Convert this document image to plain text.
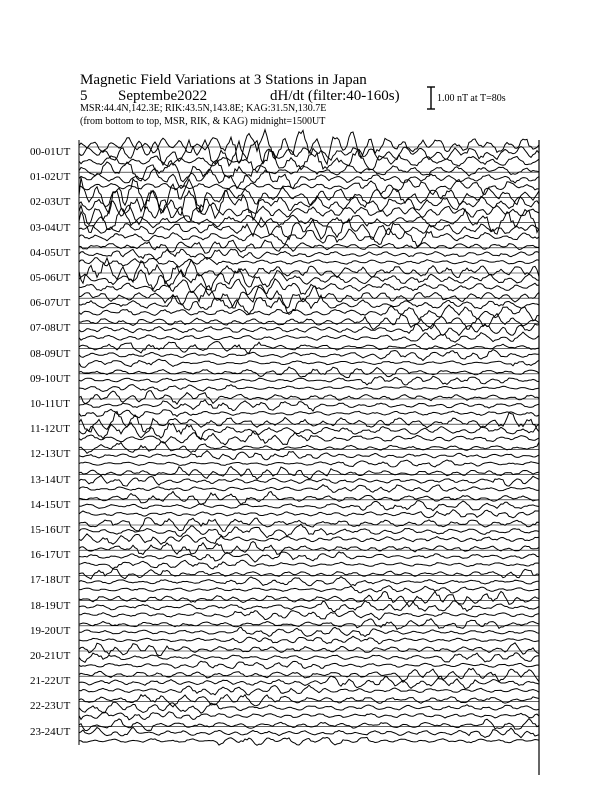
Magnetic Field Variations at 3 Stations in Japan
5 Septembe2022	dH/dt (filter:40-160s)
MSR:44.4N,142.3E; RIK:43.5N,143.8E; KAG:31.5N,130.7E
(from bottom to top, MSR, RIK, & KAG) midnight=1500UT
1.00 nT at T=80s
00-01UT
01-02UT
02-03UT
03-04UT
04-05UT
05-06UT
06-07UT
07-08UT
08-09UT
09-10UT
10-11UT
11-12UT
12-13UT
13-14UT
14-15UT
15-16UT
16-17UT
17-18UT
18-19UT
19-20UT
20-21UT
21-22UT
22-23UT
23-24UT
